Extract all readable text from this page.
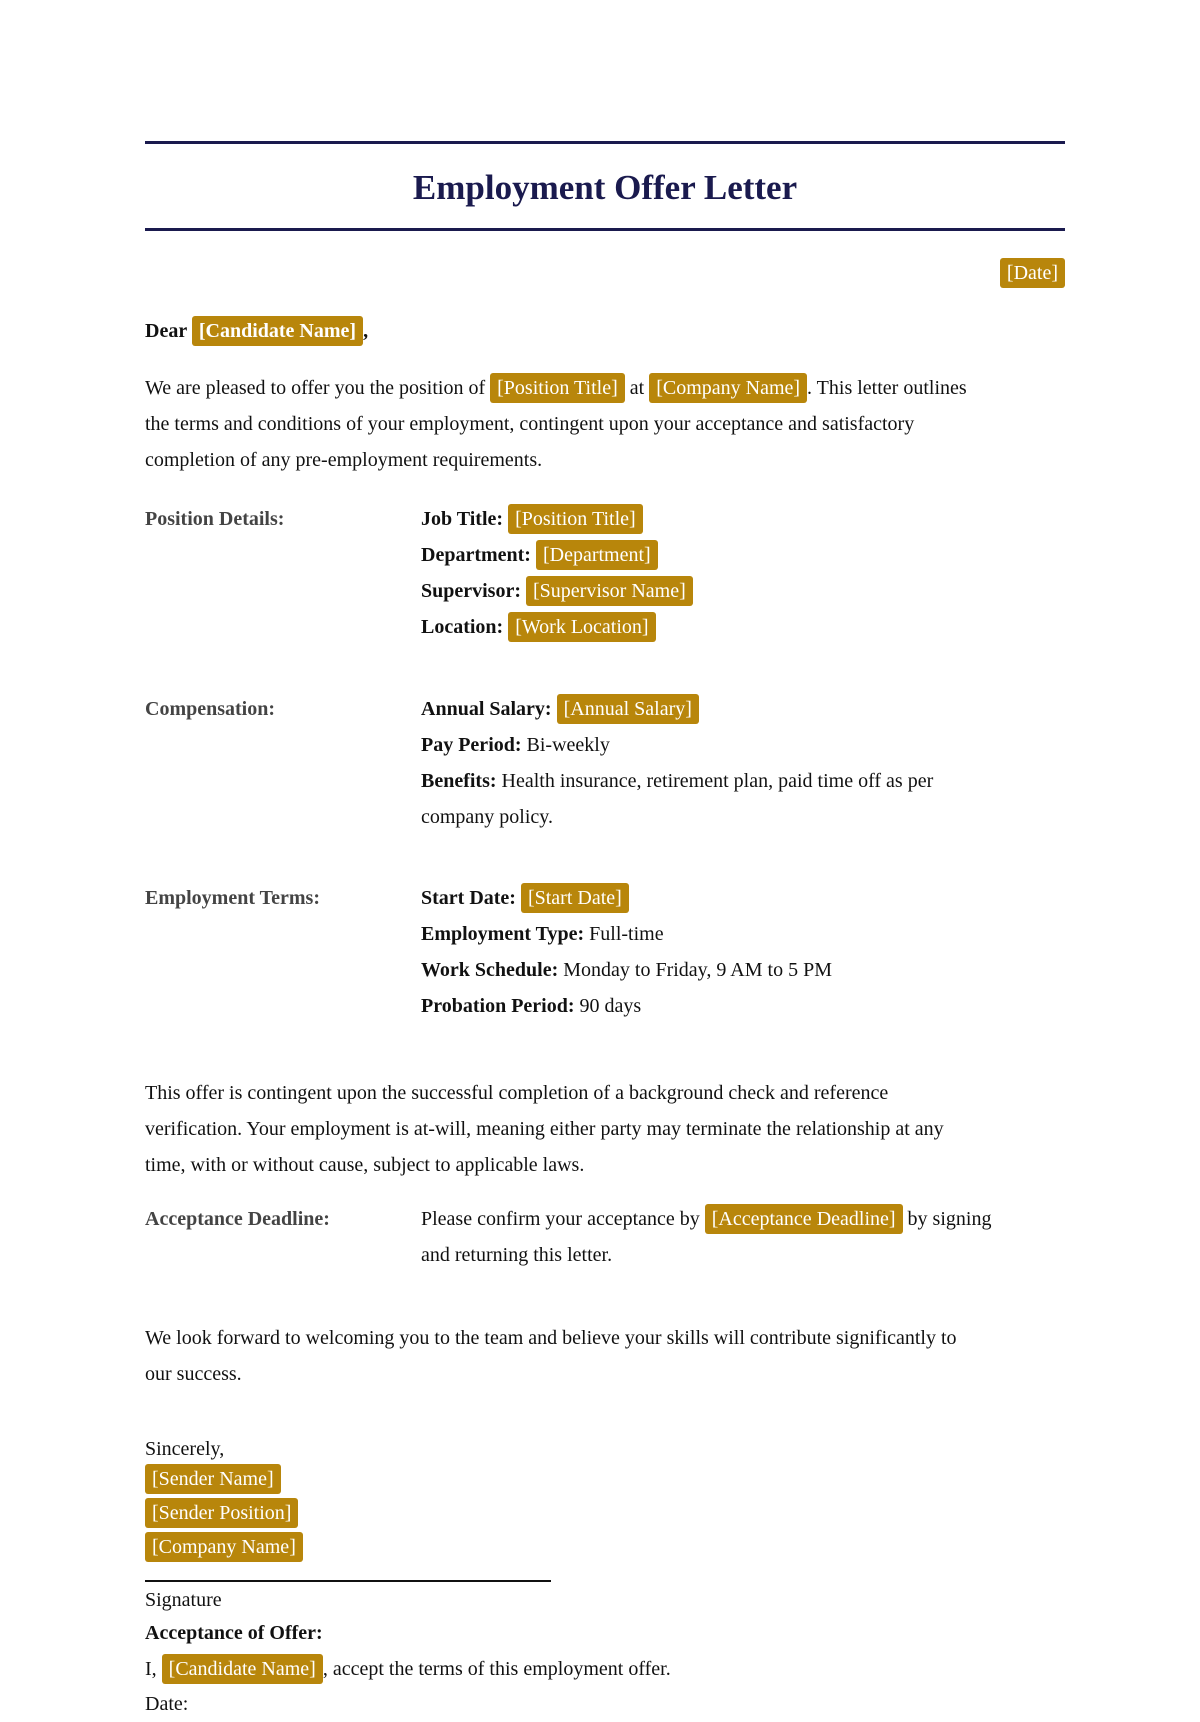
Employment Offer Letter
[Date]
Dear [Candidate Name] ,
We are pleased to offer you the position of [Position Title] at [Company Name] . This letter outlines
the terms and conditions of your employment, contingent upon your acceptance and satisfactory
completion of any pre-employment requirements.
Position Details:	Job Title: [Position Title]
Department: [Department]
Supervisor: [Supervisor Name]
Location: [Work Location]
Compensation:	Annual Salary: [Annual Salary]
Pay Period: Bi-weekly
Benefits: Health insurance, retirement plan, paid time off as per
company policy.
Employment Terms:	Start Date: [Start Date]
Employment Type: Full-time
Work Schedule: Monday to Friday, 9 AM to 5 PM
Probation Period: 90 days
This offer is contingent upon the successful completion of a background check and reference
verification. Your employment is at-will, meaning either party may terminate the relationship at any
time, with or without cause, subject to applicable laws.
Acceptance Deadline:	Please confirm your acceptance by [Acceptance Deadline] by signing
and returning this letter.
We look forward to welcoming you to the team and believe your skills will contribute significantly to
our success.
Sincerely,
[Sender Name]
[Sender Position]
[Company Name]
Signature
Acceptance of Offer:
I, [Candidate Name] , accept the terms of this employment offer.
Date:
